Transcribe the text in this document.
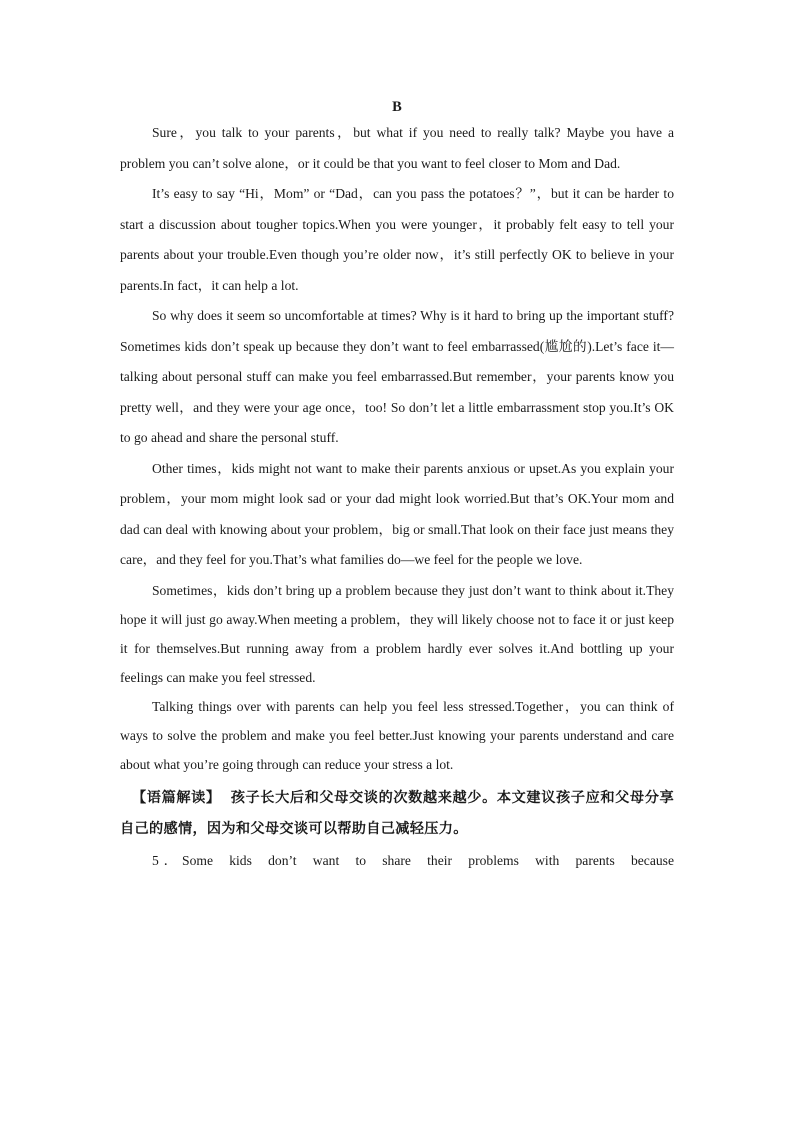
B

Sure，you talk to your parents，but what if you need to really talk? Maybe you have a problem you can’t solve alone，or it could be that you want to feel closer to Mom and Dad.

It’s easy to say “Hi，Mom” or “Dad，can you pass the potatoes？”，but it can be harder to start a discussion about tougher topics.When you were younger，it probably felt easy to tell your parents about your trouble.Even though you’re older now，it’s still perfectly OK to believe in your parents.In fact，it can help a lot.

So why does it seem so uncomfortable at times? Why is it hard to bring up the important stuff? Sometimes kids don’t speak up because they don’t want to feel embarrassed(尴尬的).Let’s face it—talking about personal stuff can make you feel embarrassed.But remember，your parents know you pretty well，and they were your age once，too! So don’t let a little embarrassment stop you.It’s OK to go ahead and share the personal stuff.

Other times，kids might not want to make their parents anxious or upset.As you explain your problem，your mom might look sad or your dad might look worried.But that’s OK.Your mom and dad can deal with knowing about your problem，big or small.That look on their face just means they care，and they feel for you.That’s what families do—we feel for the people we love.

Sometimes，kids don’t bring up a problem because they just don’t want to think about it.They hope it will just go away.When meeting a problem，they will likely choose not to face it or just keep it for themselves.But running away from a problem hardly ever solves it.And bottling up your feelings can make you feel stressed.

Talking things over with parents can help you feel less stressed.Together，you can think of ways to solve the problem and make you feel better.Just knowing your parents understand and care about what you’re going through can reduce your stress a lot.

【语篇解读】 孩子长大后和父母交谈的次数越来越少。本文建议孩子应和父母分享自己的感情，因为和父母交谈可以帮助自己减轻压力。

5．Some kids don’t want to share their problems with parents because
